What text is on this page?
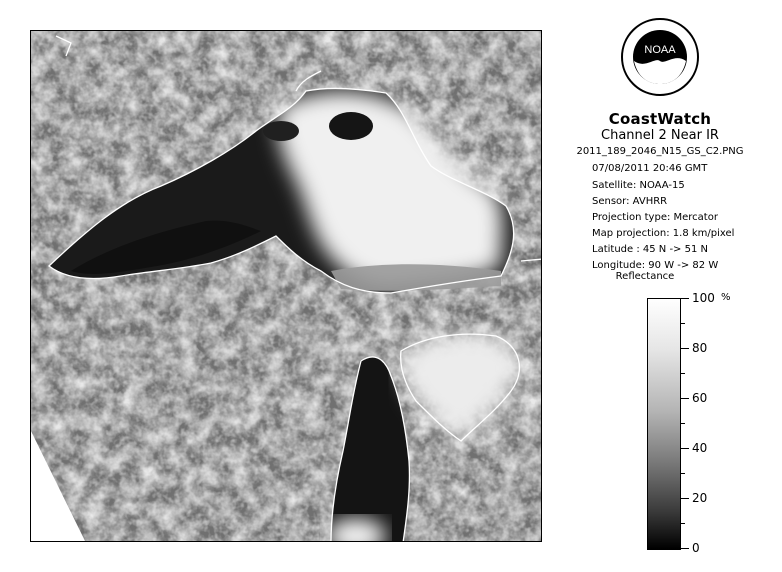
NOAA
CoastWatch
Channel 2 Near IR
2011_189_2046_N15_GS_C2.PNG
07/08/2011 20:46 GMT
Satellite: NOAA-15
Sensor: AVHRR
Projection type: Mercator
Map projection: 1.8 km/pixel
Latitude : 45 N -> 51 N
Longitude: 90 W -> 82 W
Reflectance
%
100
80
60
40
20
0
